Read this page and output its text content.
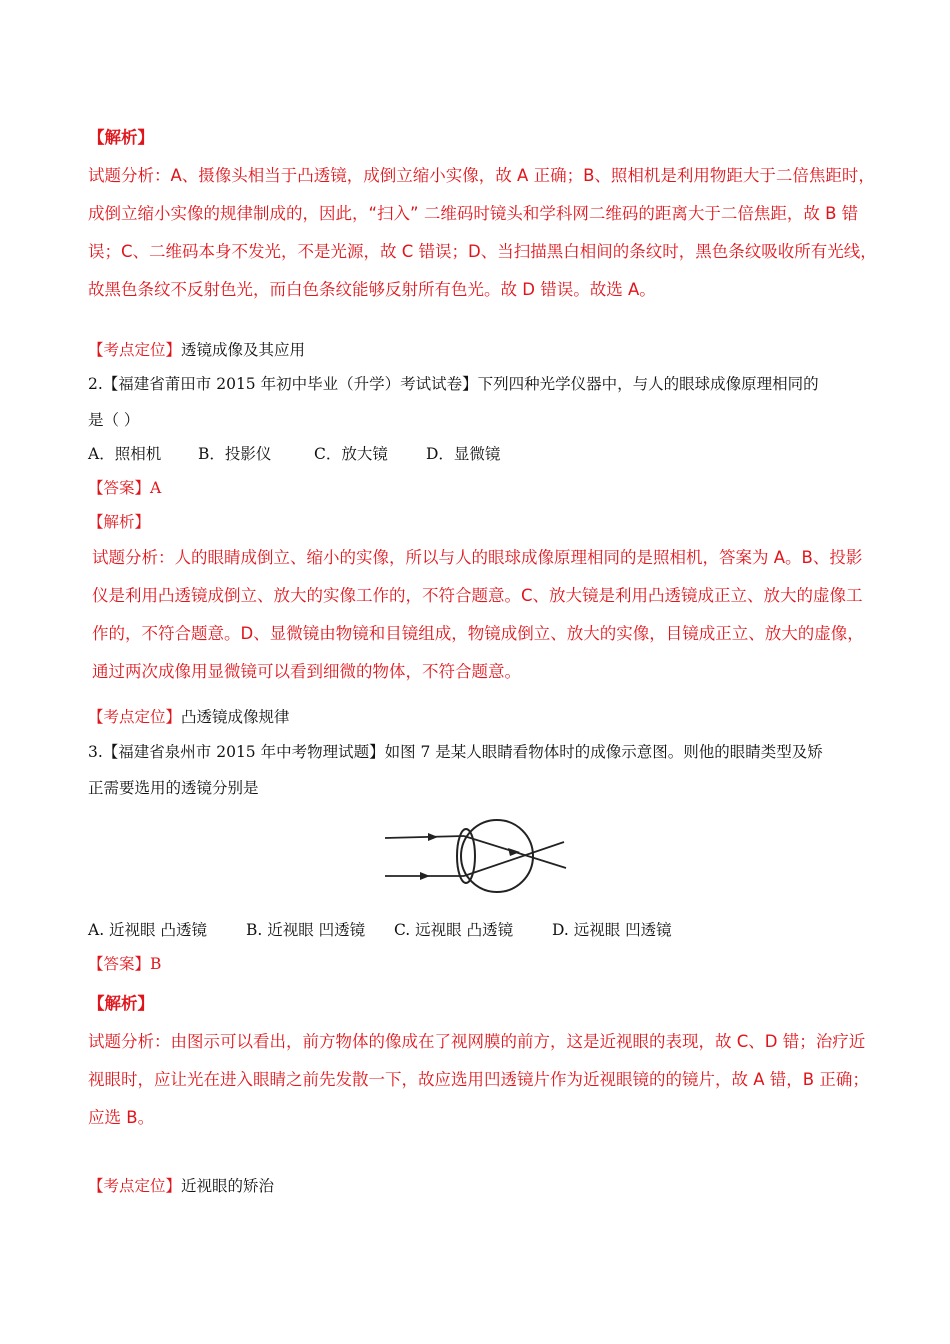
【解析】
试题分析：A、摄像头相当于凸透镜，成倒立缩小实像，故 A 正确；B、照相机是利用物距大于二倍焦距时，
成倒立缩小实像的规律制成的，因此，“扫入” 二维码时镜头和学科网二维码的距离大于二倍焦距，故 B 错
误；C、二维码本身不发光，不是光源，故 C 错误；D、当扫描黑白相间的条纹时，黑色条纹吸收所有光线，
故黑色条纹不反射色光，而白色条纹能够反射所有色光。故 D 错误。故选 A。
【考点定位】透镜成像及其应用
2.【福建省莆田市 2015 年初中毕业（升学）考试试卷】下列四种光学仪器中，与人的眼球成像原理相同的
是（ ）
A．照相机 B．投影仪	C．放大镜 D．显微镜
【答案】A
【解析】
试题分析：人的眼睛成倒立、缩小的实像，所以与人的眼球成像原理相同的是照相机，答案为 A。B、投影
仪是利用凸透镜成倒立、放大的实像工作的，不符合题意。C、放大镜是利用凸透镜成正立、放大的虚像工
作的，不符合题意。D、显微镜由物镜和目镜组成，物镜成倒立、放大的实像，目镜成正立、放大的虚像，
通过两次成像用显微镜可以看到细微的物体，不符合题意。
【考点定位】凸透镜成像规律
3.【福建省泉州市 2015 年中考物理试题】如图 7 是某人眼睛看物体时的成像示意图。则他的眼睛类型及矫
正需要选用的透镜分别是
A. 近视眼 凸透镜	B. 近视眼 凹透镜 C. 远视眼 凸透镜	D. 远视眼 凹透镜
【答案】B
【解析】
试题分析：由图示可以看出，前方物体的像成在了视网膜的前方，这是近视眼的表现，故 C、D 错；治疗近
视眼时，应让光在进入眼睛之前先发散一下，故应选用凹透镜片作为近视眼镜的的镜片，故 A 错，B 正确；
应选 B。
【考点定位】近视眼的矫治
